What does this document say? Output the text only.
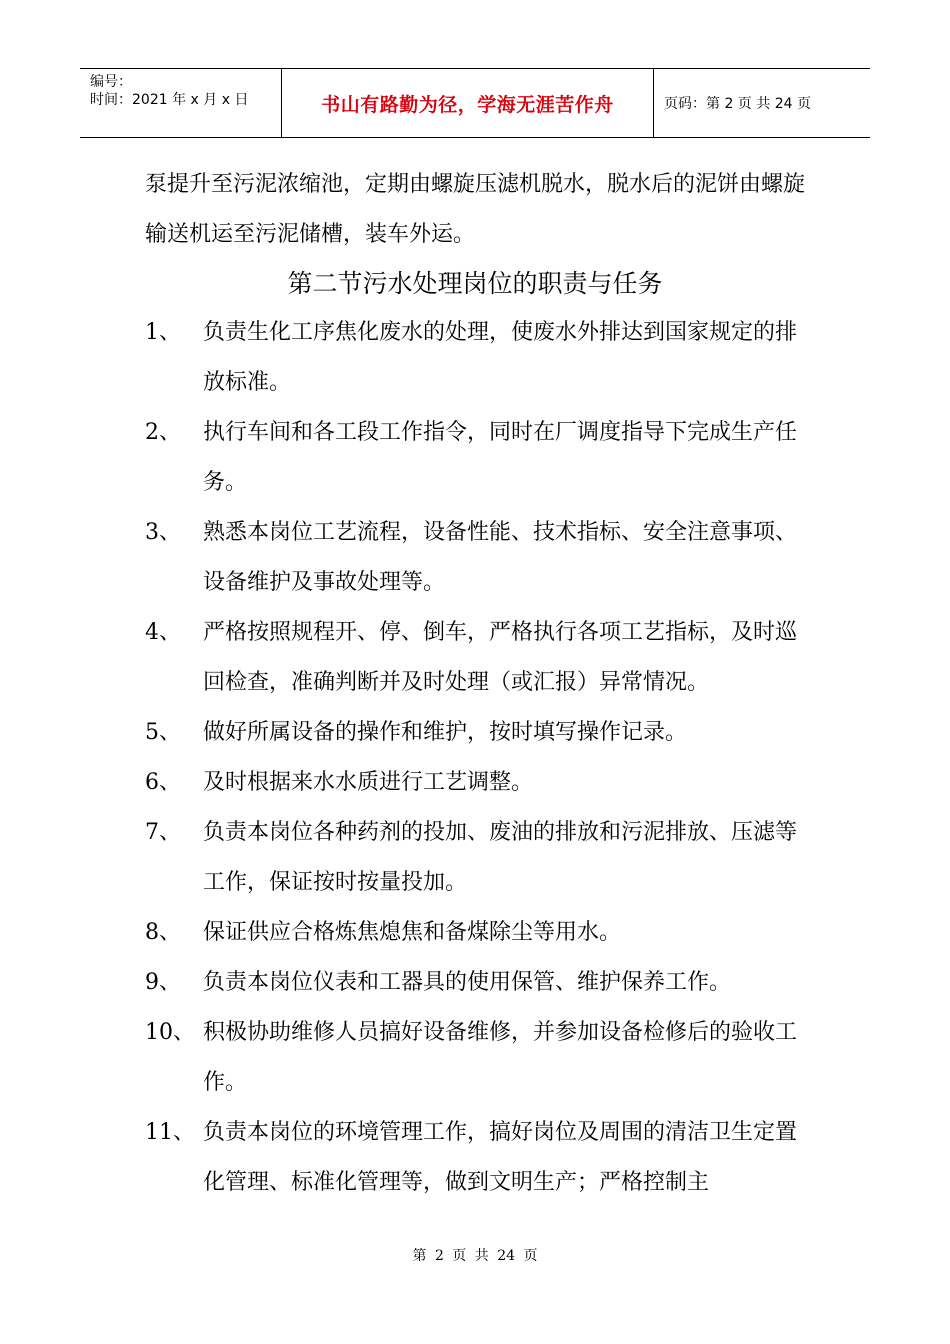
编号：
时间：2021 年 x 月 x 日	书山有路勤为径，学海无涯苦作舟	页码：第 2 页 共 24 页
泵提升至污泥浓缩池，定期由螺旋压滤机脱水，脱水后的泥饼由螺旋输送机运至污泥储槽，装车外运。
第二节污水处理岗位的职责与任务
1、	负责生化工序焦化废水的处理，使废水外排达到国家规定的排放标准。
2、	执行车间和各工段工作指令，同时在厂调度指导下完成生产任务。
3、	熟悉本岗位工艺流程，设备性能、技术指标、安全注意事项、设备维护及事故处理等。
4、	严格按照规程开、停、倒车，严格执行各项工艺指标，及时巡回检查，准确判断并及时处理（或汇报）异常情况。
5、	做好所属设备的操作和维护，按时填写操作记录。
6、	及时根据来水水质进行工艺调整。
7、	负责本岗位各种药剂的投加、废油的排放和污泥排放、压滤等工作，保证按时按量投加。
8、	保证供应合格炼焦熄焦和备煤除尘等用水。
9、	负责本岗位仪表和工器具的使用保管、维护保养工作。
10、 积极协助维修人员搞好设备维修，并参加设备检修后的验收工作。
11、 负责本岗位的环境管理工作，搞好岗位及周围的清洁卫生定置化管理、标准化管理等，做到文明生产；严格控制主
第 2 页 共 24 页
